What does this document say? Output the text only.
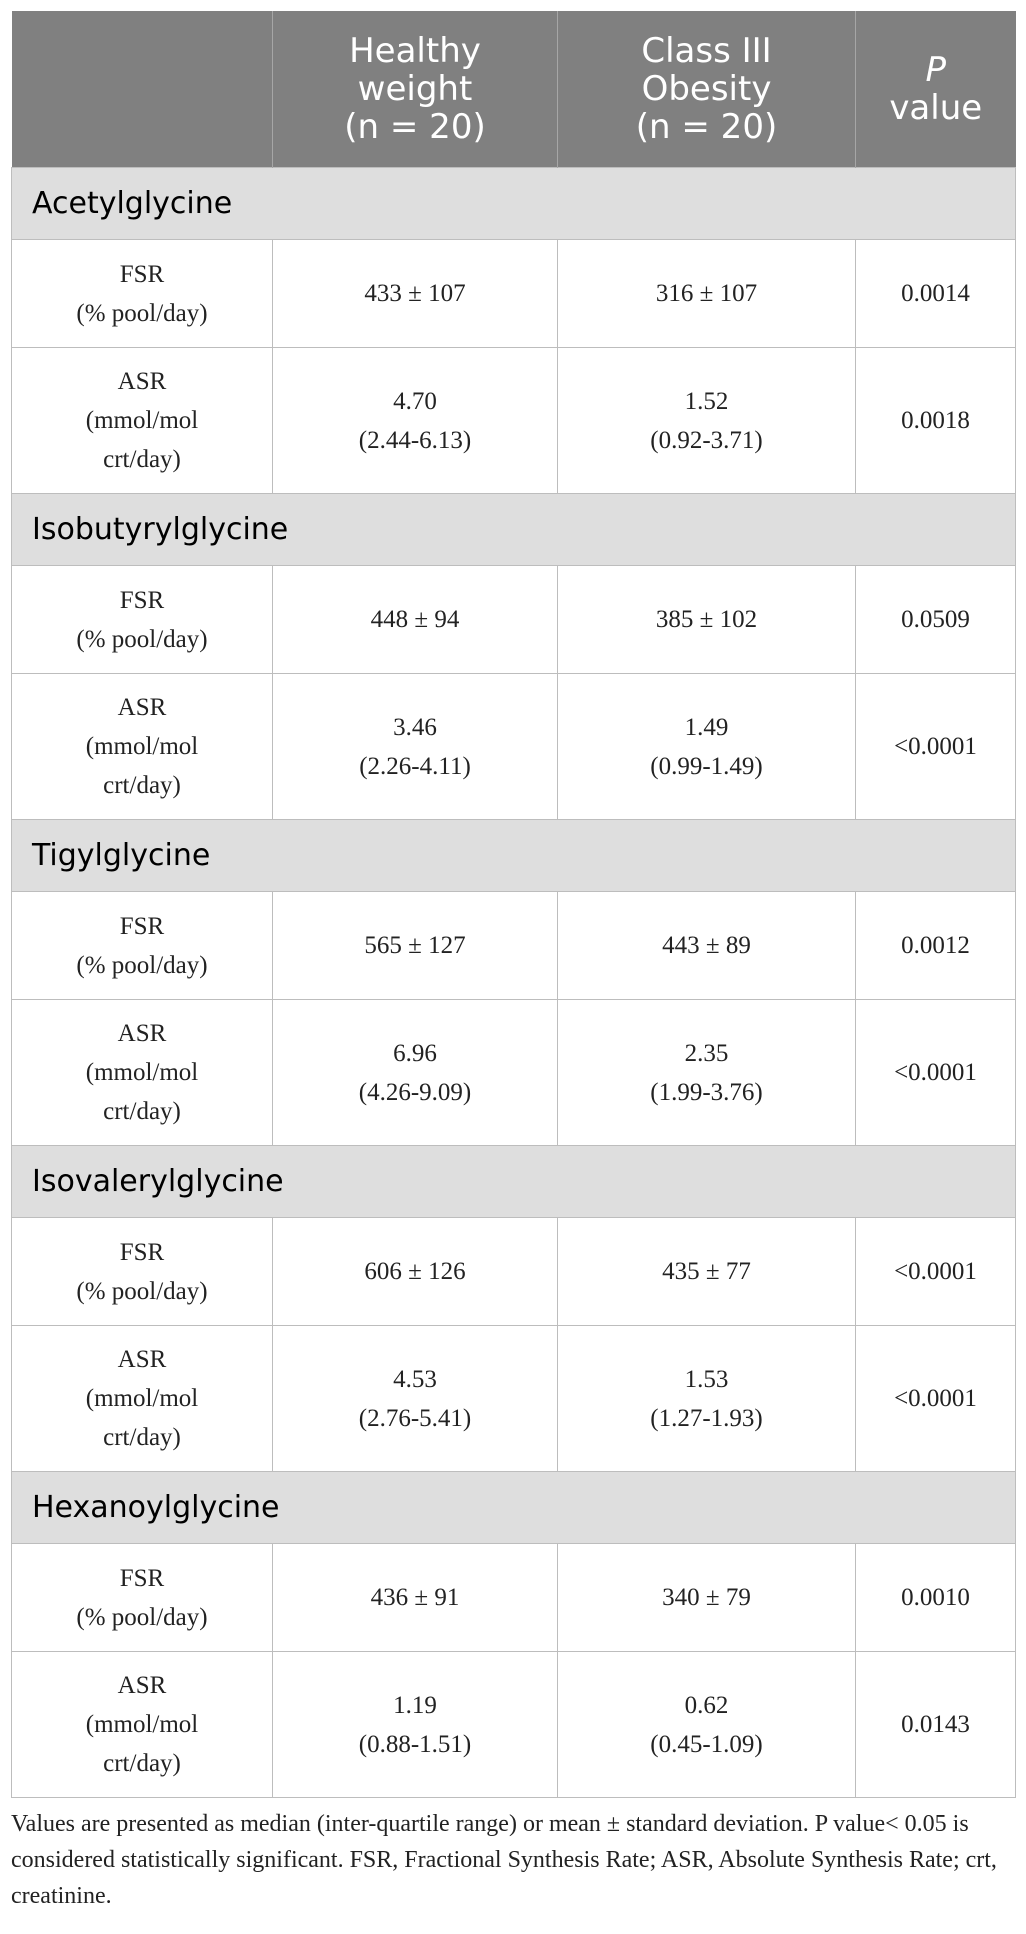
	Healthy
weight
(n = 20)	Class III
Obesity
(n = 20)	P
value

Acetylglycine			

FSR
(% pool/day)	433 ± 107	316 ± 107	0.0014

ASR
(mmol/mol
crt/day)	4.70
(2.44-6.13)	1.52
(0.92-3.71)	0.0018
Isobutyrylglycine			

FSR
(% pool/day)	448 ± 94	385 ± 102	0.0509

ASR
(mmol/mol
crt/day)	3.46
(2.26-4.11)	1.49
(0.99-1.49)	<0.0001
Tigylglycine			

FSR
(% pool/day)	565 ± 127	443 ± 89	0.0012

ASR
(mmol/mol
crt/day)	6.96
(4.26-9.09)	2.35
(1.99-3.76)	<0.0001
Isovalerylglycine			

FSR
(% pool/day)	606 ± 126	435 ± 77	<0.0001

ASR
(mmol/mol
crt/day)	4.53
(2.76-5.41)	1.53
(1.27-1.93)	<0.0001
Hexanoylglycine			

FSR
(% pool/day)	436 ± 91	340 ± 79	0.0010

ASR
(mmol/mol
crt/day)	1.19
(0.88-1.51)	0.62
(0.45-1.09)	0.0143
Values are presented as median (inter-quartile range) or mean ± standard deviation. P value< 0.05 is considered statistically significant. FSR, Fractional Synthesis Rate; ASR, Absolute Synthesis Rate; crt, creatinine.
